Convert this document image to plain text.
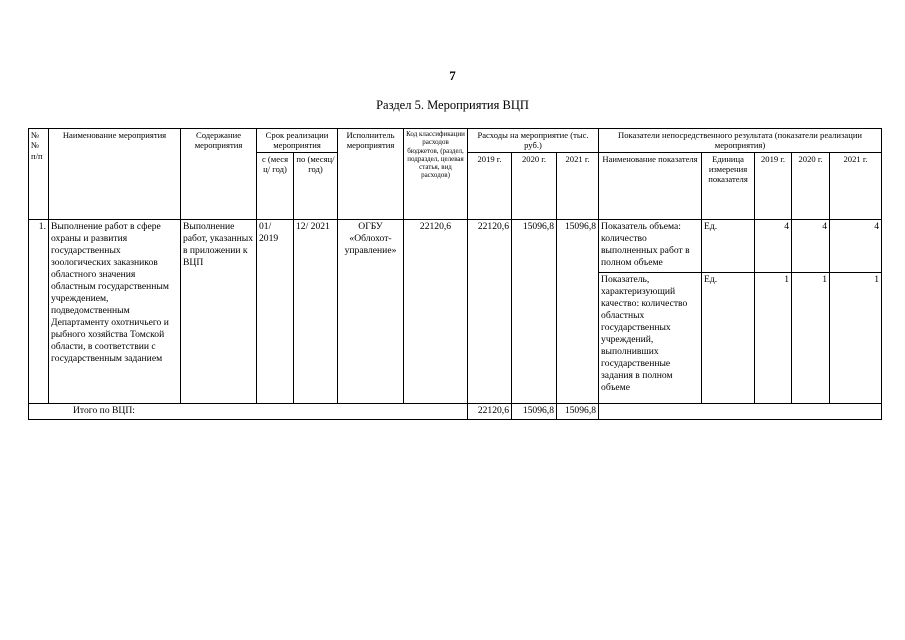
7
Раздел 5. Мероприятия ВЦП
№№ п/п	Наименование мероприятия	Содержание мероприятия	Срок реализации мероприятия		Исполнитель мероприятия	Код классификации расходов бюджетов, (раздел, подраздел, целевая статья, вид расходов)	Расходы на мероприятие (тыс. руб.)			Показатели непосредственного результата (показатели реализации мероприятия)				
			с (меся ц/ год)	по (месяц/ год)			2019 г.	2020 г.	2021 г.	Наименование показателя	Единица измерения показателя	2019 г.	2020 г.	2021 г.
1.	Выполнение работ в сфере охраны и развития государственных зоологических заказников областного значения областным государственным учреждением, подведомственным Департаменту охотничьего и рыбного хозяйства Томской области, в соответствии с государственным заданием	Выполнение работ, указанных в приложении к ВЦП	01/ 2019	12/ 2021	ОГБУ «Облохот- управление»	22120,6	22120,6	15096,8	15096,8	Показатель объема: количество выполненных работ в полном объеме	Ед.	4	4	4
										Показатель, характеризующий качество: количество областных государственных учреждений, выполнивших государственные задания в полном объеме	Ед.	1	1	1
Итого по ВЦП:							22120,6	15096,8	15096,8					
